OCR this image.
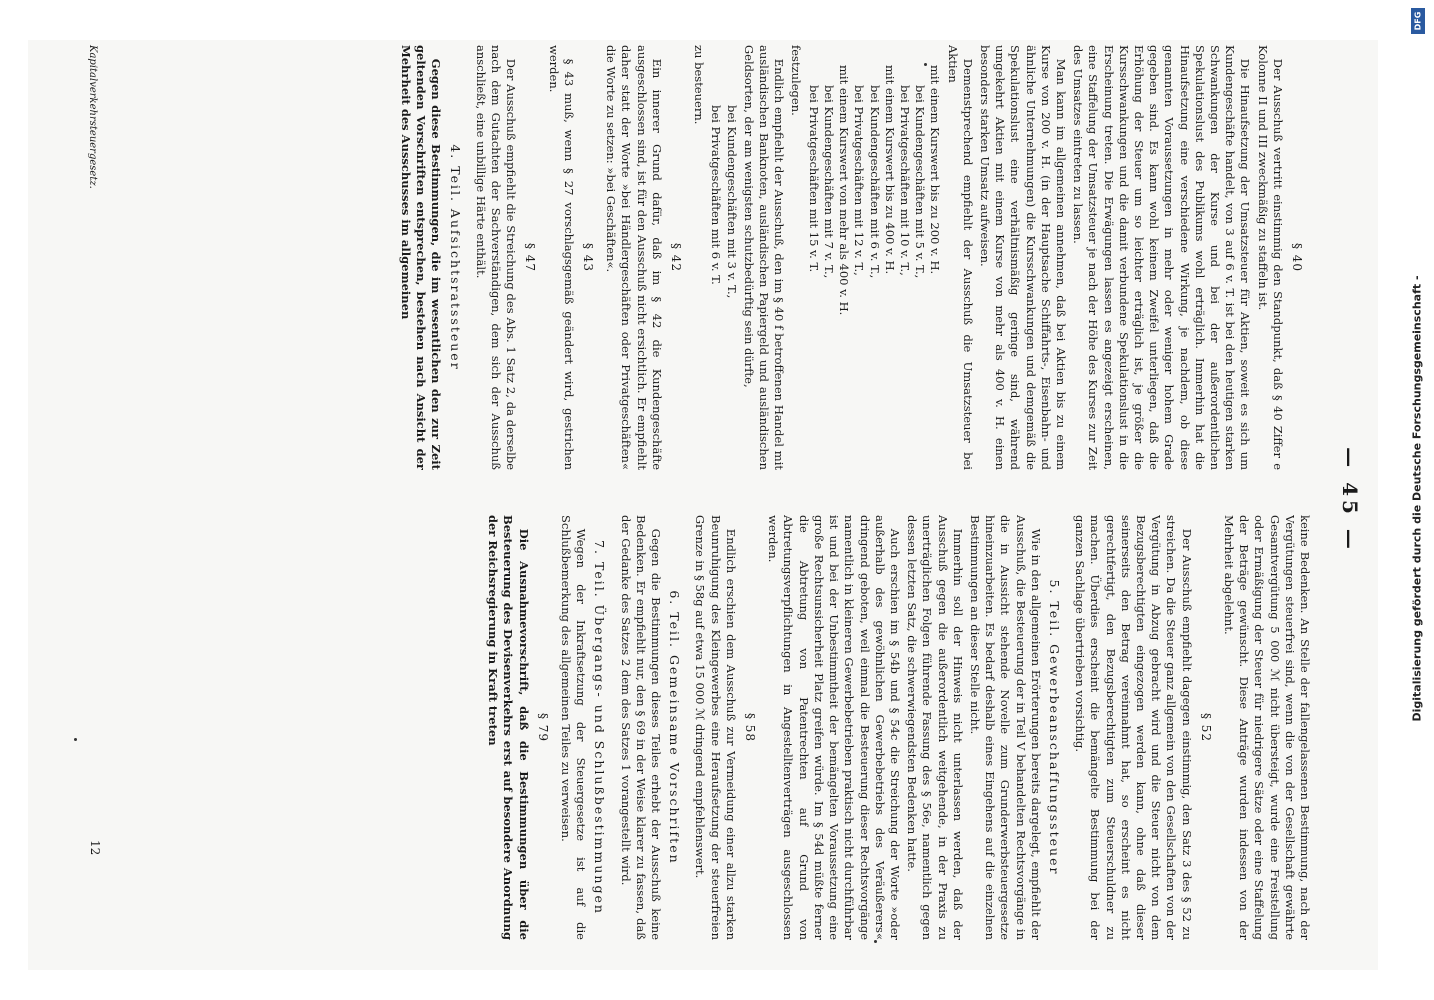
— 45 —
§ 40

Der Ausschuß vertritt einstimmig den Standpunkt, daß § 40 Ziffer e Kolonne II und III zweckmäßig zu staffeln ist.

Die Hinaufsetzung der Umsatzsteuer für Aktien, soweit es sich um Kundengeschäfte handelt, von 3 auf 6 v. T. ist bei den heutigen starken Schwankungen der Kurse und bei der außerordentlichen Spekulationslust des Publikums wohl erträglich. Immerhin hat die Hinaufsetzung eine verschiedene Wirkung, je nachdem, ob diese genannten Voraussetzungen in mehr oder weniger hohem Grade gegeben sind. Es kann wohl keinem Zweifel unterliegen, daß die Erhöhung der Steuer um so leichter erträglich ist, je größer die Kursschwankungen und die damit verbundene Spekulationslust in die Erscheinung treten. Die Erwägungen lassen es angezeigt erscheinen, eine Staffelung der Umsatzsteuer je nach der Höhe des Kurses zur Zeit des Umsatzes eintreten zu lassen.

Man kann im allgemeinen annehmen, daß bei Aktien bis zu einem Kurse von 200 v. H. (in der Hauptsache Schiffahrts-, Eisenbahn- und ähnliche Unternehmungen) die Kursschwankungen und demgemäß die Spekulationslust eine verhältnismäßig geringe sind, während umgekehrt Aktien mit einem Kurse von mehr als 400 v. H. einen besonders starken Umsatz aufweisen.

Demenstprechend empfiehlt der Ausschuß die Umsatzsteuer bei Aktien

mit einem Kurswert bis zu 200 v. H.
bei Kundengeschäften mit 5 v. T.,
bei Privatgeschäften mit 10 v. T.,
mit einem Kurswert bis zu 400 v. H.
bei Kundengeschäften mit 6 v. T.,
bei Privatgeschäften mit 12 v. T.,
mit einem Kurswert von mehr als 400 v. H.
bei Kundengeschäften mit 7 v. T.,
bei Privatgeschäften mit 15 v. T.

festzulegen.

Endlich empfiehlt der Ausschuß, den im § 40 f betroffenen Handel mit ausländischen Banknoten, ausländischen Papiergeld und ausländischen Geldsorten, der am wenigsten schutzbedürftig sein dürfte,

bei Kundengeschäften mit 3 v. T.,
bei Privatgeschäften mit 6 v. T.

zu besteuern.

§ 42

Ein innerer Grund dafür, daß im § 42 die Kundengeschäfte ausgeschlossen sind, ist für den Ausschuß nicht ersichtlich. Er empfiehlt daher statt der Worte »bei Händlergeschäften oder Privatgeschäften« die Worte zu setzen: »bei Geschäften«.

§ 43

§ 43 muß, wenn § 27 vorschlagsgemäß geändert wird, gestrichen werden.

§ 47

Der Ausschuß empfiehlt die Streichung des Abs. 1 Satz 2, da derselbe nach dem Gutachten der Sachverständigen, dem sich der Ausschuß anschließt, eine unbillige Härte enthält.

4. Teil. Aufsichtsratssteuer

Gegen diese Bestimmungen, die im wesentlichen den zur Zeit geltenden Vorschriften entsprechen, bestehen nach Ansicht der Mehrheit des Ausschusses im allgemeinen

keine Bedenken. An Stelle der fallengelassenen Bestimmung, nach der Vergütungen steuerfrei sind, wenn die von der Gesellschaft gewährte Gesamtvergütung 5 000 ℳ nicht übersteigt, wurde eine Freistellung oder Ermäßigung der Steuer für niedrigere Sätze oder eine Staffelung der Beträge gewünscht. Diese Anträge wurden indessen von der Mehrheit abgelehnt.

§ 52

Der Ausschuß empfiehlt dagegen einstimmig, den Satz 3 des § 52 zu streichen. Da die Steuer ganz allgemein von den Gesellschaften von der Vergütung in Abzug gebracht wird und die Steuer nicht von dem Bezugsberechtigten eingezogen werden kann, ohne daß dieser seinerseits den Betrag vereinnahmt hat, so erscheint es nicht gerechtfertigt, den Bezugsberechtigten zum Steuerschuldner zu machen. Überdies erscheint die bemängelte Bestimmung bei der ganzen Sachlage übertrieben vorsichtig.

5. Teil. Gewerbeanschaffungssteuer

Wie in den allgemeinen Erörterungen bereits dargelegt, empfiehlt der Ausschuß, die Besteuerung der in Teil V behandelten Rechtsvorgänge in die in Aussicht stehende Novelle zum Grunderwerbsteuergesetze hineinzuarbeiten. Es bedarf deshalb eines Eingehens auf die einzelnen Bestimmungen an dieser Stelle nicht.

Immerhin soll der Hinweis nicht unterlassen werden, daß der Ausschuß gegen die außerordentlich weitgehende, in der Praxis zu unerträglichen Folgen führende Fassung des § 56e, namentlich gegen dessen letzten Satz, die schwerwiegendsten Bedenken hatte.

Auch erschien im § 54b und § 54c die Streichung der Worte »oder außerhalb des gewöhnlichen Gewerbebetriebs des Veräußerers« dringend geboten, weil einmal die Besteuerung dieser Rechtsvorgänge namentlich in kleineren Gewerbebetrieben praktisch nicht durchführbar ist und bei der Unbestimmtheit der bemängelten Voraussetzung eine große Rechtsunsicherheit Platz greifen würde. Im § 54d müßte ferner die Abtretung von Patentrechten auf Grund von Abtretungsverpflichtungen in Angestelltenverträgen ausgeschlossen werden.

§ 58

Endlich erschien dem Ausschuß zur Vermeidung einer allzu starken Beunruhigung des Kleingewerbes eine Heraufsetzung der steuerfreien Grenze in § 58g auf etwa 15 000 ℳ dringend empfehlenswert.

6. Teil. Gemeinsame Vorschriften

Gegen die Bestimmungen dieses Teiles erhebt der Ausschuß keine Bedenken. Er empfiehlt nur, den § 69 in der Weise klarer zu fassen, daß der Gedanke des Satzes 2 dem des Satzes 1 vorangestellt wird.

7. Teil. Übergangs- und Schlußbestimmungen

Wegen der Inkraftsetzung der Steuergesetze ist auf die Schlußbemerkung des allgemeinen Teiles zu verweisen.

§ 79

Die Ausnahmevorschrift, daß die Bestimmungen über die Besteuerung des Devisenverkehrs erst auf besondere Anordnung der Reichsregierung in Kraft treten

Kapitalverkehrsteuergesetz.
12
DFG
Digitalisierung gefördert durch die Deutsche Forschungsgemeinschaft -
